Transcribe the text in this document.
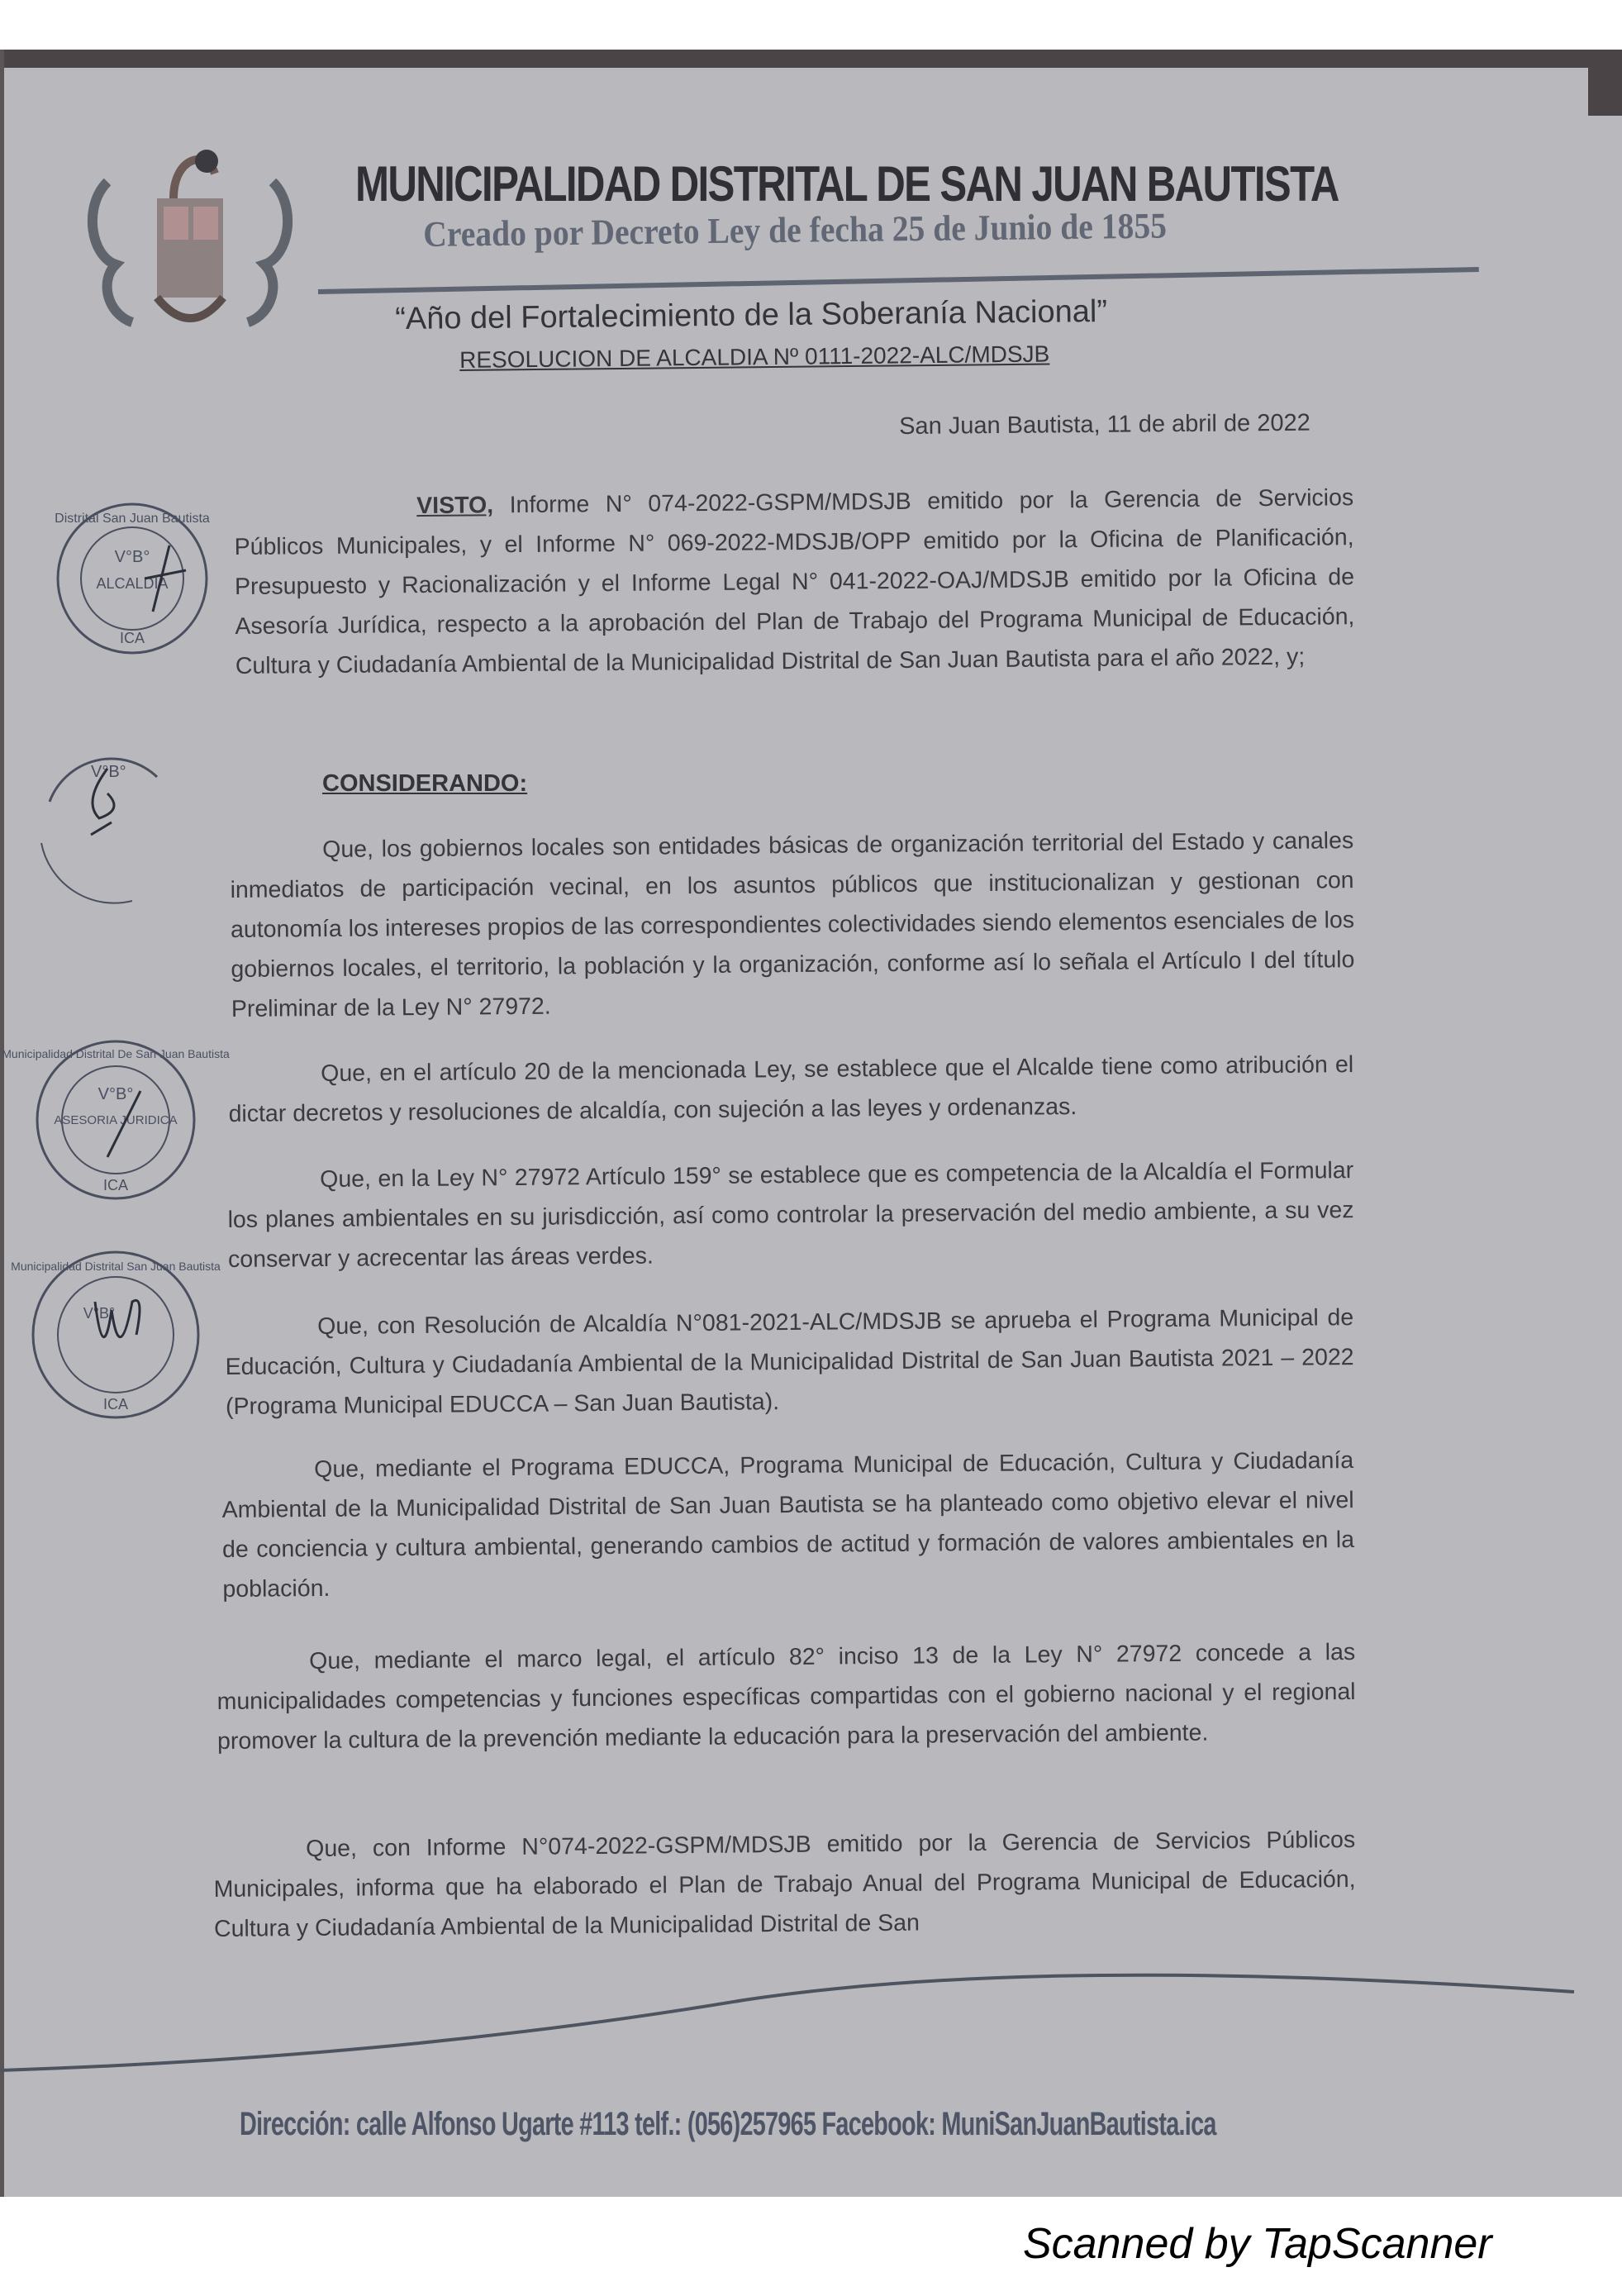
MUNICIPALIDAD DISTRITAL DE SAN JUAN BAUTISTA
Creado por Decreto Ley de fecha 25 de Junio de 1855
“Año del Fortalecimiento de la Soberanía Nacional”
RESOLUCION DE ALCALDIA Nº 0111-2022-ALC/MDSJB
San Juan Bautista, 11 de abril de 2022
VISTO, Informe N° 074-2022-GSPM/MDSJB emitido por la Gerencia de Servicios Públicos Municipales, y el Informe N° 069-2022-MDSJB/OPP emitido por la Oficina de Planificación, Presupuesto y Racionalización y el Informe Legal N° 041-2022-OAJ/MDSJB emitido por la Oficina de Asesoría Jurídica, respecto a la aprobación del Plan de Trabajo del Programa Municipal de Educación, Cultura y Ciudadanía Ambiental de la Municipalidad Distrital de San Juan Bautista para el año 2022, y;
CONSIDERANDO:
Que, los gobiernos locales son entidades básicas de organización territorial del Estado y canales inmediatos de participación vecinal, en los asuntos públicos que institucionalizan y gestionan con autonomía los intereses propios de las correspondientes colectividades siendo elementos esenciales de los gobiernos locales, el territorio, la población y la organización, conforme así lo señala el Artículo I del título Preliminar de la Ley N° 27972.
Que, en el artículo 20 de la mencionada Ley, se establece que el Alcalde tiene como atribución el dictar decretos y resoluciones de alcaldía, con sujeción a las leyes y ordenanzas.
Que, en la Ley N° 27972 Artículo 159° se establece que es competencia de la Alcaldía el Formular los planes ambientales en su jurisdicción, así como controlar la preservación del medio ambiente, a su vez conservar y acrecentar las áreas verdes.
Que, con Resolución de Alcaldía N°081-2021-ALC/MDSJB se aprueba el Programa Municipal de Educación, Cultura y Ciudadanía Ambiental de la Municipalidad Distrital de San Juan Bautista 2021 – 2022 (Programa Municipal EDUCCA – San Juan Bautista).
Que, mediante el Programa EDUCCA, Programa Municipal de Educación, Cultura y Ciudadanía Ambiental de la Municipalidad Distrital de San Juan Bautista se ha planteado como objetivo elevar el nivel de conciencia y cultura ambiental, generando cambios de actitud y formación de valores ambientales en la población.
Que, mediante el marco legal, el artículo 82° inciso 13 de la Ley N° 27972 concede a las municipalidades competencias y funciones específicas compartidas con el gobierno nacional y el regional promover la cultura de la prevención mediante la educación para la preservación del ambiente.
Que, con Informe N°074-2022-GSPM/MDSJB emitido por la Gerencia de Servicios Públicos Municipales, informa que ha elaborado el Plan de Trabajo Anual del Programa Municipal de Educación, Cultura y Ciudadanía Ambiental de la Municipalidad Distrital de San
Distrital San Juan Bautista
V°B°
ALCALDIA
ICA
V°B°
Municipalidad Distrital De San Juan Bautista
V°B°
ASESORIA JURIDICA
ICA
Municipalidad Distrital San Juan Bautista
V°B°
ICA
Dirección: calle Alfonso Ugarte #113 telf.: (056)257965 Facebook: MuniSanJuanBautista.ica
Scanned by TapScanner
